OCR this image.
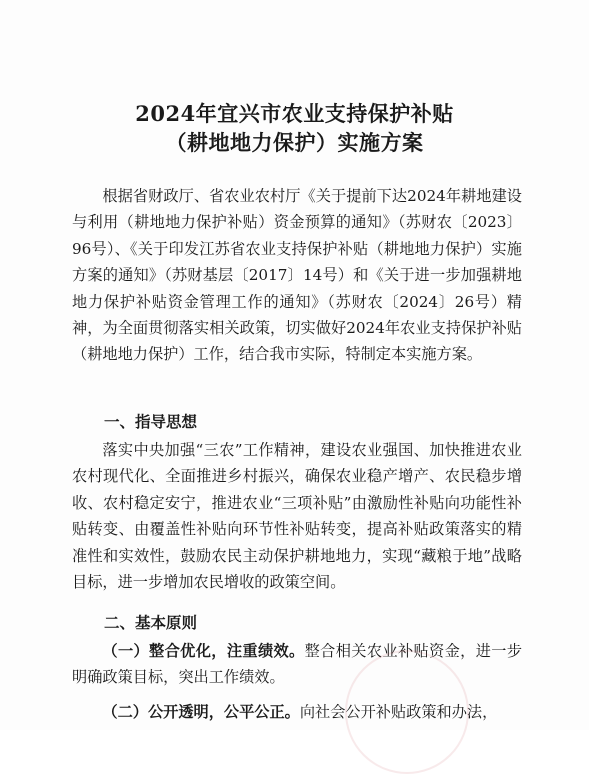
2024年宜兴市农业支持保护补贴
（耕地地力保护）实施方案
根据省财政厅、省农业农村厅《关于提前下达2024年耕地建设与利用（耕地地力保护补贴）资金预算的通知》（苏财农〔2023〕96号）、《关于印发江苏省农业支持保护补贴（耕地地力保护）实施方案的通知》（苏财基层〔2017〕14号）和《关于进一步加强耕地地力保护补贴资金管理工作的通知》（苏财农〔2024〕26号）精神，为全面贯彻落实相关政策，切实做好2024年农业支持保护补贴（耕地地力保护）工作，结合我市实际，特制定本实施方案。
一、指导思想
落实中央加强“三农”工作精神，建设农业强国、加快推进农业农村现代化、全面推进乡村振兴，确保农业稳产增产、农民稳步增收、农村稳定安宁，推进农业“三项补贴”由激励性补贴向功能性补贴转变、由覆盖性补贴向环节性补贴转变，提高补贴政策落实的精准性和实效性，鼓励农民主动保护耕地地力，实现“藏粮于地”战略目标，进一步增加农民增收的政策空间。
二、基本原则
（一）整合优化，注重绩效。整合相关农业补贴资金，进一步明确政策目标，突出工作绩效。
（二）公开透明，公平公正。向社会公开补贴政策和办法，
